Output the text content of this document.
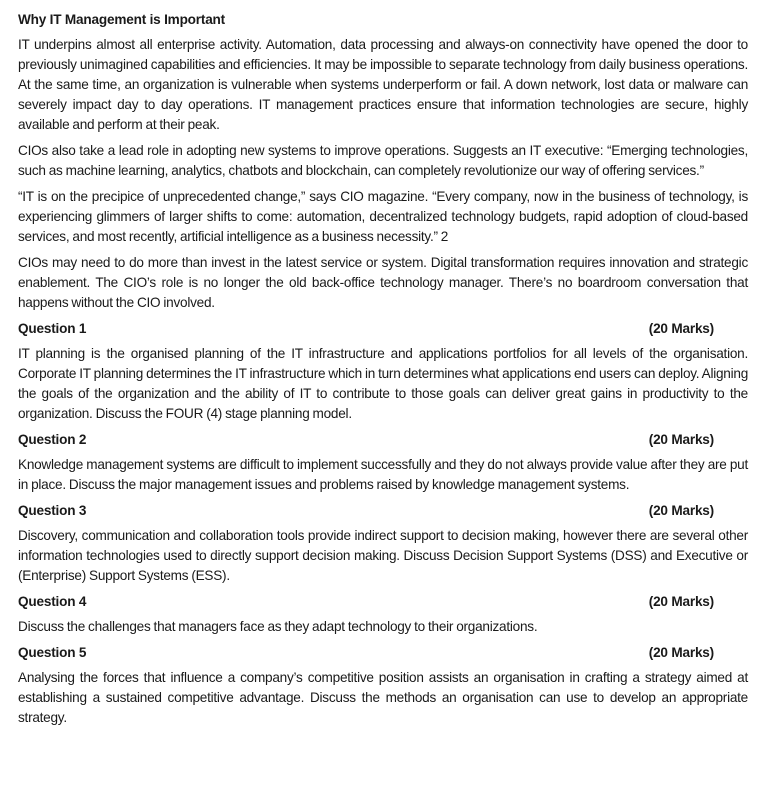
Why IT Management is Important

IT underpins almost all enterprise activity. Automation, data processing and always-on connectivity have opened the door to previously unimagined capabilities and efficiencies. It may be impossible to separate technology from daily business operations. At the same time, an organization is vulnerable when systems underperform or fail. A down network, lost data or malware can severely impact day to day operations. IT management practices ensure that information technologies are secure, highly available and perform at their peak.

CIOs also take a lead role in adopting new systems to improve operations. Suggests an IT executive: “Emerging technologies, such as machine learning, analytics, chatbots and blockchain, can completely revolutionize our way of offering services.”

“IT is on the precipice of unprecedented change,” says CIO magazine. “Every company, now in the business of technology, is experiencing glimmers of larger shifts to come: automation, decentralized technology budgets, rapid adoption of cloud-based services, and most recently, artificial intelligence as a business necessity.” 2

CIOs may need to do more than invest in the latest service or system. Digital transformation requires innovation and strategic enablement. The CIO’s role is no longer the old back-office technology manager. There’s no boardroom conversation that happens without the CIO involved.

Question 1	(20 Marks)

IT planning is the organised planning of the IT infrastructure and applications portfolios for all levels of the organisation. Corporate IT planning determines the IT infrastructure which in turn determines what applications end users can deploy. Aligning the goals of the organization and the ability of IT to contribute to those goals can deliver great gains in productivity to the organization. Discuss the FOUR (4) stage planning model.

Question 2	(20 Marks)

Knowledge management systems are difficult to implement successfully and they do not always provide value after they are put in place. Discuss the major management issues and problems raised by knowledge management systems.

Question 3	(20 Marks)

Discovery, communication and collaboration tools provide indirect support to decision making, however there are several other information technologies used to directly support decision making. Discuss Decision Support Systems (DSS) and Executive or (Enterprise) Support Systems (ESS).

Question 4	(20 Marks)

Discuss the challenges that managers face as they adapt technology to their organizations.

Question 5	(20 Marks)

Analysing the forces that influence a company’s competitive position assists an organisation in crafting a strategy aimed at establishing a sustained competitive advantage. Discuss the methods an organisation can use to develop an appropriate strategy.
